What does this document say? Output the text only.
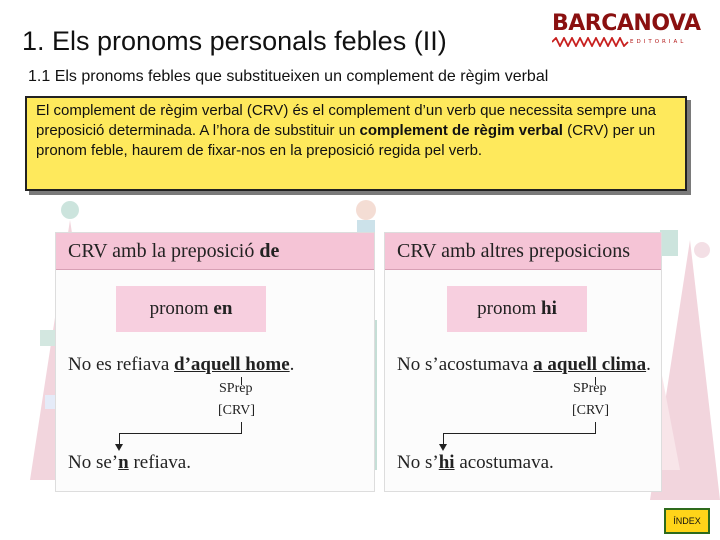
1. Els pronoms personals febles (II)
BARCANOVA
EDITORIAL
1.1 Els pronoms febles que substitueixen un complement de règim verbal
El complement de règim verbal (CRV) és el complement d’un verb que necessita sempre una preposició determinada. A l’hora de substituir un complement de règim verbal (CRV) per un pronom feble, haurem de fixar-nos en la preposició regida pel verb.
CRV amb la preposició de
pronom en
No es refiava d’aquell home.
SPrep
[CRV]
No se’n refiava.
CRV amb altres preposicions
pronom hi
No s’acostumava a aquell clima.
SPrep
[CRV]
No s’hi acostumava.
ÍNDEX
